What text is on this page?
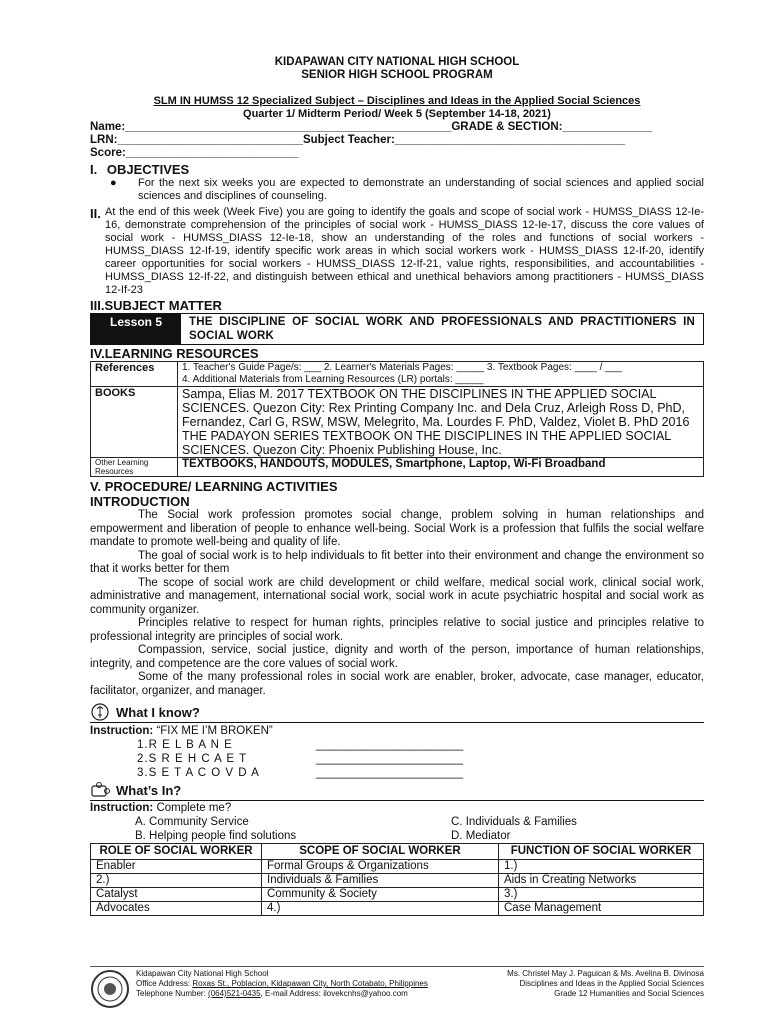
KIDAPAWAN CITY NATIONAL HIGH SCHOOL
SENIOR HIGH SCHOOL PROGRAM
SLM IN HUMSS 12 Specialized Subject – Disciplines and Ideas in the Applied Social Sciences
Quarter 1/ Midterm Period/ Week 5 (September 14-18, 2021)
Name:___________________________________________________ GRADE & SECTION:______________
LRN:_____________________________ Subject Teacher:____________________________________
Score:___________________________
I. OBJECTIVES
●	For the next six weeks you are expected to demonstrate an understanding of social sciences and applied social sciences and disciplines of counseling.
II. At the end of this week (Week Five) you are going to identify the goals and scope of social work - HUMSS_DIASS 12-Ie-16, demonstrate comprehension of the principles of social work - HUMSS_DIASS 12-Ie-17, discuss the core values of social work - HUMSS_DIASS 12-Ie-18, show an understanding of the roles and functions of social workers - HUMSS_DIASS 12-If-19, identify specific work areas in which social workers work - HUMSS_DIASS 12-If-20, identify career opportunities for social workers - HUMSS_DIASS 12-If-21, value rights, responsibilities, and accountabilities - HUMSS_DIASS 12-If-22, and distinguish between ethical and unethical behaviors among practitioners - HUMSS_DIASS 12-If-23
III.SUBJECT MATTER
Lesson 5	THE DISCIPLINE OF SOCIAL WORK AND PROFESSIONALS AND PRACTITIONERS IN SOCIAL WORK
IV.LEARNING RESOURCES
References	1. Teacher's Guide Page/s: ___ 2. Learner's Materials Pages: _____ 3. Textbook Pages: ____ / ___
4. Additional Materials from Learning Resources (LR) portals: _____

BOOKS	Sampa, Elias M. 2017 TEXTBOOK ON THE DISCIPLINES IN THE APPLIED SOCIAL SCIENCES. Quezon City: Rex Printing Company Inc. and Dela Cruz, Arleigh Ross D, PhD, Fernandez, Carl G, RSW, MSW, Melegrito, Ma. Lourdes F. PhD, Valdez, Violet B. PhD 2016 THE PADAYON SERIES TEXTBOOK ON THE DISCIPLINES IN THE APPLIED SOCIAL SCIENCES. Quezon City: Phoenix Publishing House, Inc.
Other Learning Resources	TEXTBOOKS, HANDOUTS, MODULES, Smartphone, Laptop, Wi-Fi Broadband
V. PROCEDURE/ LEARNING ACTIVITIES
INTRODUCTION

The Social work profession promotes social change, problem solving in human relationships and empowerment and liberation of people to enhance well-being. Social Work is a profession that fulfils the social welfare mandate to promote well-being and quality of life.

The goal of social work is to help individuals to fit better into their environment and change the environment so that it works better for them

The scope of social work are child development or child welfare, medical social work, clinical social work, administrative and management, international social work, social work in acute psychiatric hospital and social work as community organizer.

Principles relative to respect for human rights, principles relative to social justice and principles relative to professional integrity are principles of social work.

Compassion, service, social justice, dignity and worth of the person, importance of human relationships, integrity, and competence are the core values of social work.

Some of the many professional roles in social work are enabler, broker, advocate, case manager, educator, facilitator, organizer, and manager.

What I know?
Instruction: “FIX ME I’M BROKEN”
1.R E L B A N E	_______________________
2.S R E H C A E T	_______________________
3.S E T A C O V D A	_______________________
What’s In?
Instruction: Complete me?
A. Community Service	C. Individuals & Families
B. Helping people find solutions	D. Mediator
ROLE OF SOCIAL WORKER	SCOPE OF SOCIAL WORKER	FUNCTION OF SOCIAL WORKER
Enabler	Formal Groups & Organizations	1.)
2.)	Individuals & Families	Aids in Creating Networks
Catalyst	Community & Society	3.)
Advocates	4.)	Case Management
Kidapawan City National High School
Office Address: Roxas St., Poblacion, Kidapawan City, North Cotabato, Philippines
Telephone Number: (064)521-0435, E-mail Address: ilovekcnhs@yahoo.com
Ms. Christel May J. Paguican & Ms. Avelina B. Divinosa
Disciplines and Ideas in the Applied Social Sciences
Grade 12 Humanities and Social Sciences
